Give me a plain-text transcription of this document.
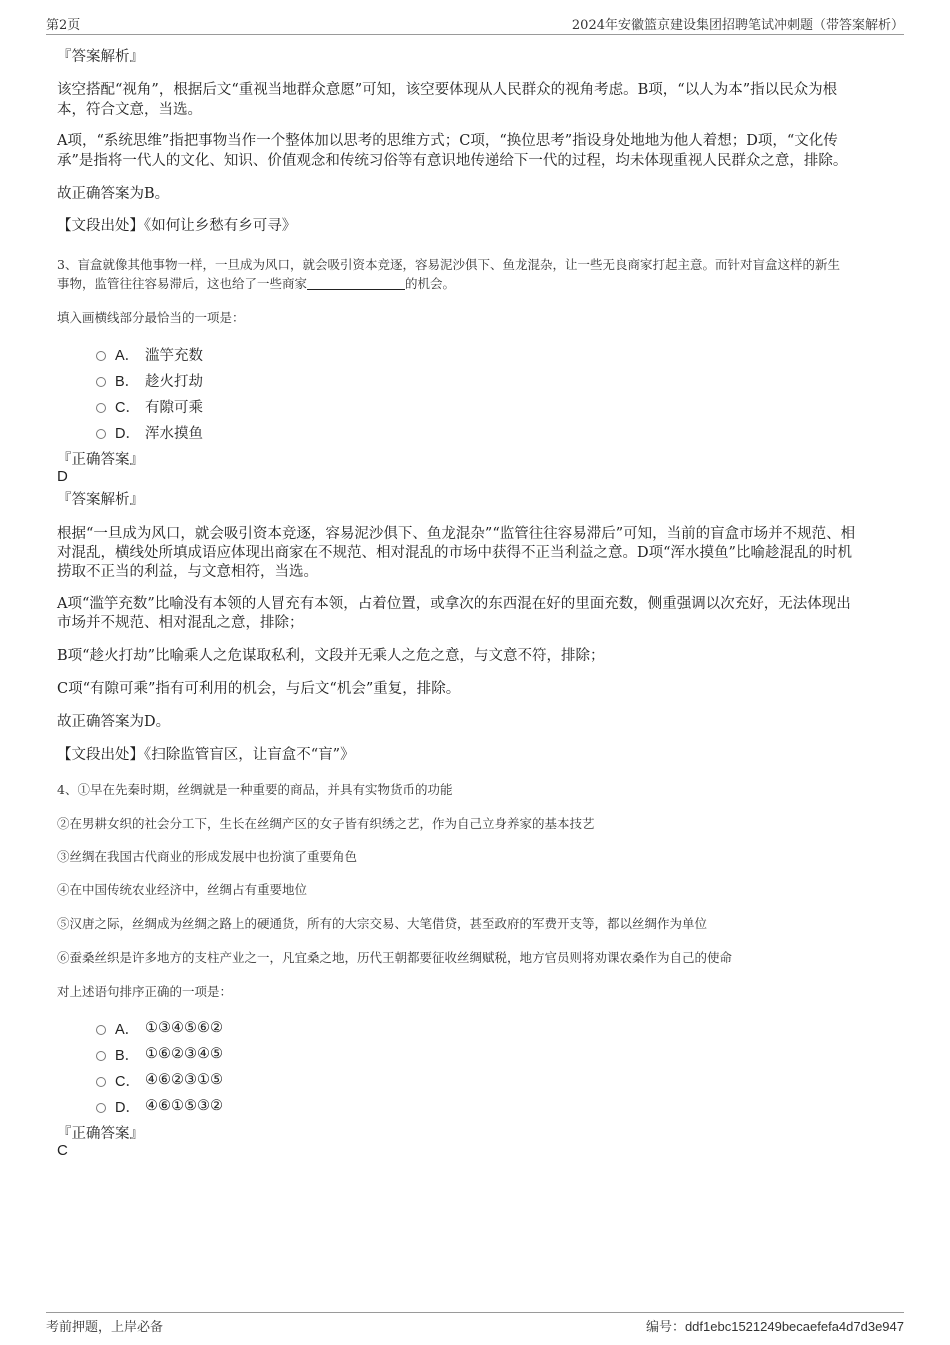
第2页	2024年安徽篮京建设集团招聘笔试冲刺题（带答案解析）
『答案解析』
该空搭配“视角”，根据后文“重视当地群众意愿”可知，该空要体现从人民群众的视角考虑。B项，“以人为本”指以民众为根
本，符合文意，当选。
A项，“系统思维”指把事物当作一个整体加以思考的思维方式；C项，“换位思考”指设身处地地为他人着想；D项，“文化传
承”是指将一代人的文化、知识、价值观念和传统习俗等有意识地传递给下一代的过程，均未体现重视人民群众之意，排除。
故正确答案为B。
【文段出处】《如何让乡愁有乡可寻》
3、盲盒就像其他事物一样，一旦成为风口，就会吸引资本竞逐，容易泥沙俱下、鱼龙混杂，让一些无良商家打起主意。而针对盲盒这样的新生
事物，监管往往容易滞后，这也给了一些商家	的机会。
填入画横线部分最恰当的一项是：
A． 滥竽充数
B． 趁火打劫
C． 有隙可乘
D． 浑水摸鱼
『正确答案』
D
『答案解析』
根据“一旦成为风口，就会吸引资本竞逐，容易泥沙俱下、鱼龙混杂”“监管往往容易滞后”可知，当前的盲盒市场并不规范、相
对混乱，横线处所填成语应体现出商家在不规范、相对混乱的市场中获得不正当利益之意。D项“浑水摸鱼”比喻趁混乱的时机
捞取不正当的利益，与文意相符，当选。
A项“滥竽充数”比喻没有本领的人冒充有本领，占着位置，或拿次的东西混在好的里面充数，侧重强调以次充好，无法体现出
市场并不规范、相对混乱之意，排除；
B项“趁火打劫”比喻乘人之危谋取私利，文段并无乘人之危之意，与文意不符，排除；
C项“有隙可乘”指有可利用的机会，与后文“机会”重复，排除。
故正确答案为D。
【文段出处】《扫除监管盲区，让盲盒不“盲”》
4、①早在先秦时期，丝绸就是一种重要的商品，并具有实物货币的功能
②在男耕女织的社会分工下，生长在丝绸产区的女子皆有织绣之艺，作为自己立身养家的基本技艺
③丝绸在我国古代商业的形成发展中也扮演了重要角色
④在中国传统农业经济中，丝绸占有重要地位
⑤汉唐之际，丝绸成为丝绸之路上的硬通货，所有的大宗交易、大笔借贷，甚至政府的军费开支等，都以丝绸作为单位
⑥蚕桑丝织是许多地方的支柱产业之一，凡宜桑之地，历代王朝都要征收丝绸赋税，地方官员则将劝课农桑作为自己的使命
对上述语句排序正确的一项是：
A． ①③④⑤⑥②
B． ①⑥②③④⑤
C． ④⑥②③①⑤
D． ④⑥①⑤③②
『正确答案』
C
考前押题，上岸必备	编号：ddf1ebc1521249becaefefa4d7d3e947
